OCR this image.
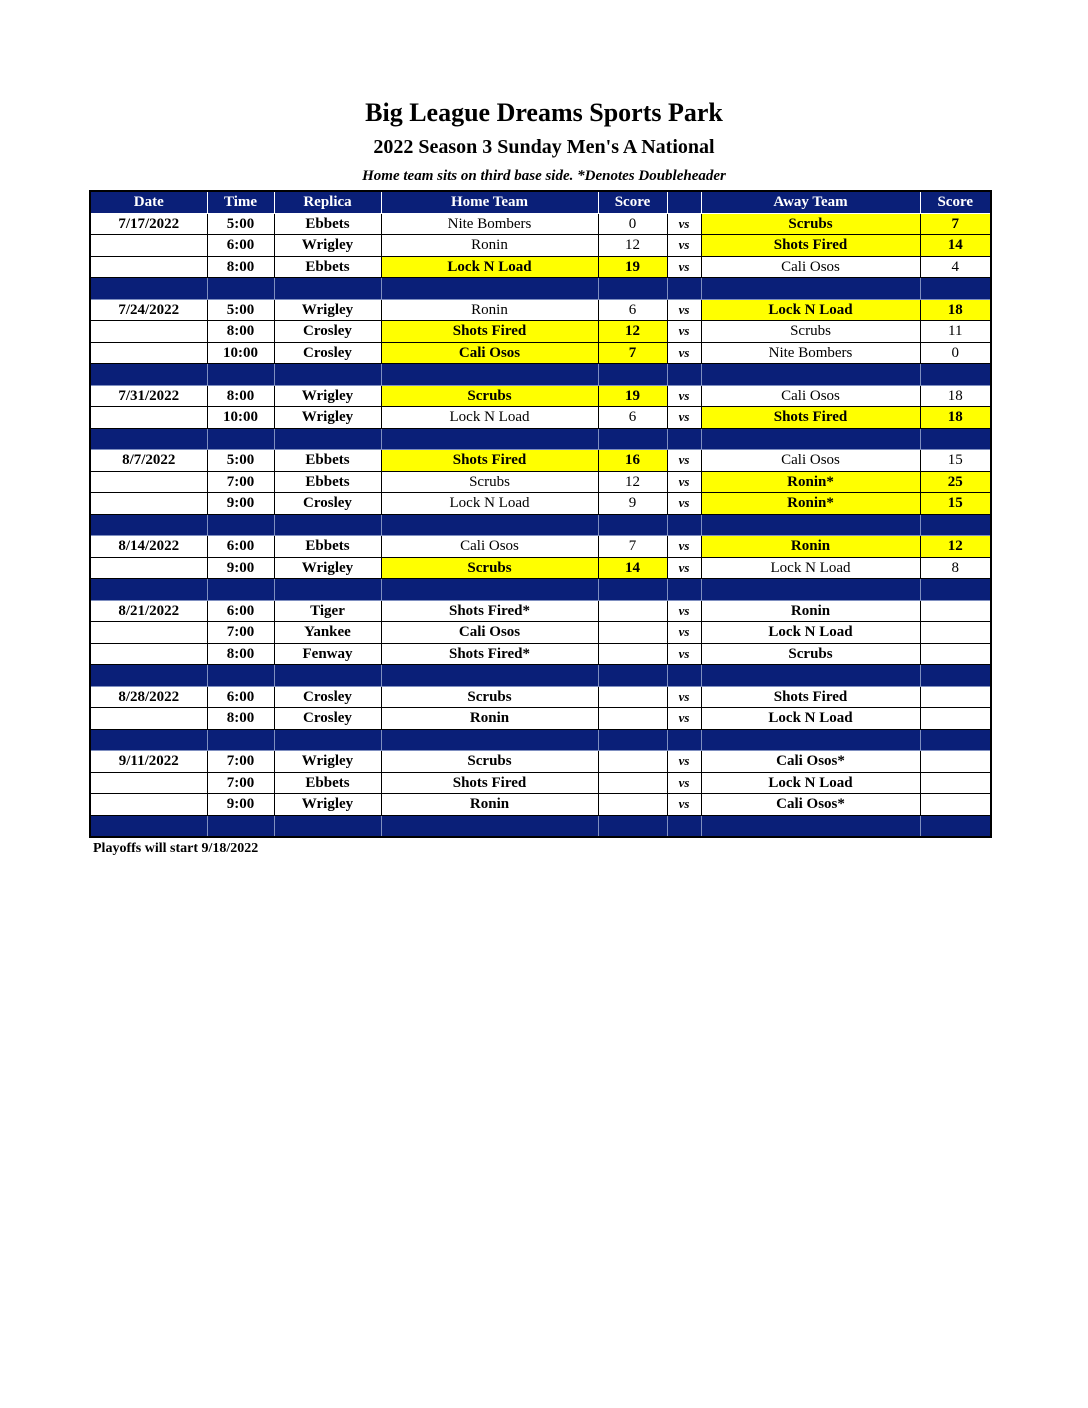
Big League Dreams Sports Park
2022 Season 3 Sunday Men's A National
Home team sits on third base side. *Denotes Doubleheader
Date	Time	Replica	Home Team	Score		Away Team	Score
7/17/2022	5:00	Ebbets	Nite Bombers	0	vs	Scrubs	7
	6:00	Wrigley	Ronin	12	vs	Shots Fired	14
	8:00	Ebbets	Lock N Load	19	vs	Cali Osos	4

7/24/2022	5:00	Wrigley	Ronin	6	vs	Lock N Load	18
	8:00	Crosley	Shots Fired	12	vs	Scrubs	11
	10:00	Crosley	Cali Osos	7	vs	Nite Bombers	0

7/31/2022	8:00	Wrigley	Scrubs	19	vs	Cali Osos	18
	10:00	Wrigley	Lock N Load	6	vs	Shots Fired	18

8/7/2022	5:00	Ebbets	Shots Fired	16	vs	Cali Osos	15
	7:00	Ebbets	Scrubs	12	vs	Ronin*	25
	9:00	Crosley	Lock N Load	9	vs	Ronin*	15

8/14/2022	6:00	Ebbets	Cali Osos	7	vs	Ronin	12
	9:00	Wrigley	Scrubs	14	vs	Lock N Load	8

8/21/2022	6:00	Tiger	Shots Fired*		vs	Ronin	
	7:00	Yankee	Cali Osos		vs	Lock N Load	
	8:00	Fenway	Shots Fired*		vs	Scrubs	

8/28/2022	6:00	Crosley	Scrubs		vs	Shots Fired	
	8:00	Crosley	Ronin		vs	Lock N Load	

9/11/2022	7:00	Wrigley	Scrubs		vs	Cali Osos*	
	7:00	Ebbets	Shots Fired		vs	Lock N Load	
	9:00	Wrigley	Ronin		vs	Cali Osos*	

Playoffs will start 9/18/2022
